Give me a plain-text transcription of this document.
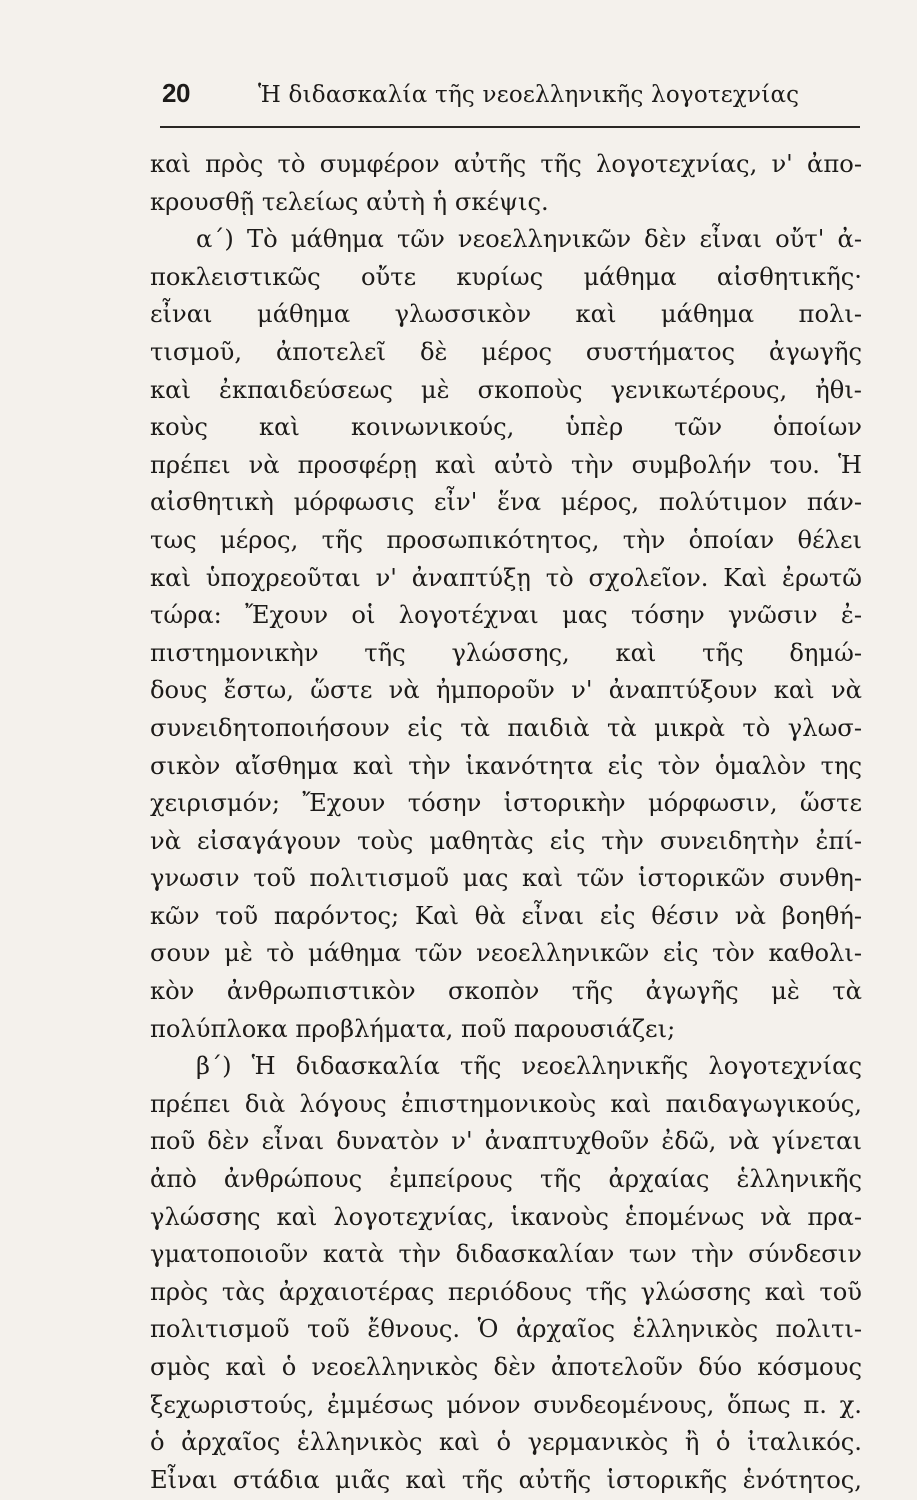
20	Ἡ διδασκαλία τῆς νεοελληνικῆς λογοτεχνίας
καὶ πρὸς τὸ συμφέρον αὐτῆς τῆς λογοτεχνίας, ν' ἀπο-
κρουσθῇ τελείως αὐτὴ ἡ σκέψις.
α΄) Τὸ μάθημα τῶν νεοελληνικῶν δὲν εἶναι οὔτ' ἀ-
ποκλειστικῶς οὔτε κυρίως μάθημα αἰσθητικῆς·
εἶναι μάθημα γλωσσικὸν καὶ μάθημα πολι-
τισμοῦ, ἀποτελεῖ δὲ μέρος συστήματος ἀγωγῆς
καὶ ἐκπαιδεύσεως μὲ σκοποὺς γενικωτέρους, ἠθι-
κοὺς καὶ κοινωνικούς, ὑπὲρ τῶν ὁποίων
πρέπει νὰ προσφέρῃ καὶ αὐτὸ τὴν συμβολήν του. Ἡ
αἰσθητικὴ μόρφωσις εἶν' ἕνα μέρος, πολύτιμον πάν-
τως μέρος, τῆς προσωπικότητος, τὴν ὁποίαν θέλει
καὶ ὑποχρεοῦται ν' ἀναπτύξῃ τὸ σχολεῖον. Καὶ ἐρωτῶ
τώρα: Ἔχουν οἱ λογοτέχναι μας τόσην γνῶσιν ἐ-
πιστημονικὴν τῆς γλώσσης, καὶ τῆς δημώ-
δους ἔστω, ὥστε νὰ ἠμποροῦν ν' ἀναπτύξουν καὶ νὰ
συνειδητοποιήσουν εἰς τὰ παιδιὰ τὰ μικρὰ τὸ γλωσ-
σικὸν αἴσθημα καὶ τὴν ἱκανότητα εἰς τὸν ὁμαλὸν της
χειρισμόν; Ἔχουν τόσην ἱστορικὴν μόρφωσιν, ὥστε
νὰ εἰσαγάγουν τοὺς μαθητὰς εἰς τὴν συνειδητὴν ἐπί-
γνωσιν τοῦ πολιτισμοῦ μας καὶ τῶν ἱστορικῶν συνθη-
κῶν τοῦ παρόντος; Καὶ θὰ εἶναι εἰς θέσιν νὰ βοηθή-
σουν μὲ τὸ μάθημα τῶν νεοελληνικῶν εἰς τὸν καθολι-
κὸν ἀνθρωπιστικὸν σκοπὸν τῆς ἀγωγῆς μὲ τὰ
πολύπλοκα προβλήματα, ποῦ παρουσιάζει;
β΄) Ἡ διδασκαλία τῆς νεοελληνικῆς λογοτεχνίας
πρέπει διὰ λόγους ἐπιστημονικοὺς καὶ παιδαγωγικούς,
ποῦ δὲν εἶναι δυνατὸν ν' ἀναπτυχθοῦν ἐδῶ, νὰ γίνεται
ἀπὸ ἀνθρώπους ἐμπείρους τῆς ἀρχαίας ἑλληνικῆς
γλώσσης καὶ λογοτεχνίας, ἱκανοὺς ἑπομένως νὰ πρα-
γματοποιοῦν κατὰ τὴν διδασκαλίαν των τὴν σύνδεσιν
πρὸς τὰς ἀρχαιοτέρας περιόδους τῆς γλώσσης καὶ τοῦ
πολιτισμοῦ τοῦ ἔθνους. Ὁ ἀρχαῖος ἑλληνικὸς πολιτι-
σμὸς καὶ ὁ νεοελληνικὸς δὲν ἀποτελοῦν δύο κόσμους
ξεχωριστούς, ἐμμέσως μόνον συνδεομένους, ὅπως π. χ.
ὁ ἀρχαῖος ἑλληνικὸς καὶ ὁ γερμανικὸς ἢ ὁ ἰταλικός.
Εἶναι στάδια μιᾶς καὶ τῆς αὐτῆς ἱστορικῆς ἑνότητος,
